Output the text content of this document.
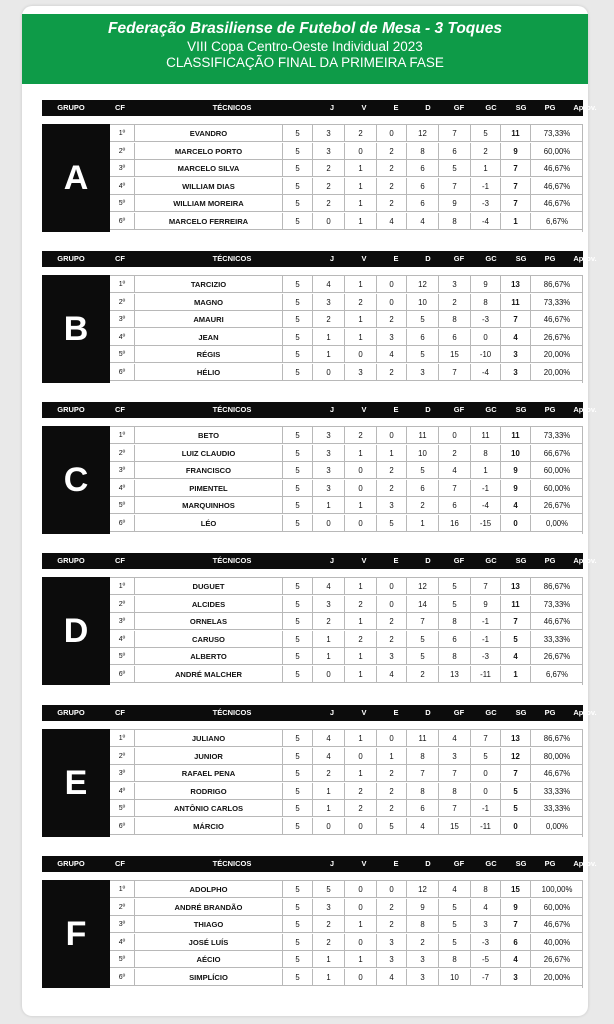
Federação Brasiliense de Futebol de Mesa - 3 Toques
VIII Copa Centro-Oeste Individual 2023
CLASSIFICAÇÃO FINAL DA PRIMEIRA FASE
GRUPO	CF	TÉCNICOS	J	V	E	D	GF	GC	SG	PG	Aprov.
A
1º	EVANDRO	5	3	2	0	12	7	5	11	73,33%
2º	MARCELO PORTO	5	3	0	2	8	6	2	9	60,00%
3º	MARCELO SILVA	5	2	1	2	6	5	1	7	46,67%
4º	WILLIAM DIAS	5	2	1	2	6	7	-1	7	46,67%
5º	WILLIAM MOREIRA	5	2	1	2	6	9	-3	7	46,67%
6º	MARCELO FERREIRA	5	0	1	4	4	8	-4	1	6,67%
GRUPO	CF	TÉCNICOS	J	V	E	D	GF	GC	SG	PG	Aprov.
B
1º	TARCIZIO	5	4	1	0	12	3	9	13	86,67%
2º	MAGNO	5	3	2	0	10	2	8	11	73,33%
3º	AMAURI	5	2	1	2	5	8	-3	7	46,67%
4º	JEAN	5	1	1	3	6	6	0	4	26,67%
5º	RÉGIS	5	1	0	4	5	15	-10	3	20,00%
6º	HÉLIO	5	0	3	2	3	7	-4	3	20,00%
GRUPO	CF	TÉCNICOS	J	V	E	D	GF	GC	SG	PG	Aprov.
C
1º	BETO	5	3	2	0	11	0	11	11	73,33%
2º	LUIZ CLAUDIO	5	3	1	1	10	2	8	10	66,67%
3º	FRANCISCO	5	3	0	2	5	4	1	9	60,00%
4º	PIMENTEL	5	3	0	2	6	7	-1	9	60,00%
5º	MARQUINHOS	5	1	1	3	2	6	-4	4	26,67%
6º	LÉO	5	0	0	5	1	16	-15	0	0,00%
GRUPO	CF	TÉCNICOS	J	V	E	D	GF	GC	SG	PG	Aprov.
D
1º	DUGUET	5	4	1	0	12	5	7	13	86,67%
2º	ALCIDES	5	3	2	0	14	5	9	11	73,33%
3º	ORNELAS	5	2	1	2	7	8	-1	7	46,67%
4º	CARUSO	5	1	2	2	5	6	-1	5	33,33%
5º	ALBERTO	5	1	1	3	5	8	-3	4	26,67%
6º	ANDRÉ MALCHER	5	0	1	4	2	13	-11	1	6,67%
GRUPO	CF	TÉCNICOS	J	V	E	D	GF	GC	SG	PG	Aprov.
E
1º	JULIANO	5	4	1	0	11	4	7	13	86,67%
2º	JUNIOR	5	4	0	1	8	3	5	12	80,00%
3º	RAFAEL PENA	5	2	1	2	7	7	0	7	46,67%
4º	RODRIGO	5	1	2	2	8	8	0	5	33,33%
5º	ANTÔNIO CARLOS	5	1	2	2	6	7	-1	5	33,33%
6º	MÁRCIO	5	0	0	5	4	15	-11	0	0,00%
GRUPO	CF	TÉCNICOS	J	V	E	D	GF	GC	SG	PG	Aprov.
F
1º	ADOLPHO	5	5	0	0	12	4	8	15	100,00%
2º	ANDRÉ BRANDÃO	5	3	0	2	9	5	4	9	60,00%
3º	THIAGO	5	2	1	2	8	5	3	7	46,67%
4º	JOSÉ LUÍS	5	2	0	3	2	5	-3	6	40,00%
5º	AÉCIO	5	1	1	3	3	8	-5	4	26,67%
6º	SIMPLÍCIO	5	1	0	4	3	10	-7	3	20,00%
